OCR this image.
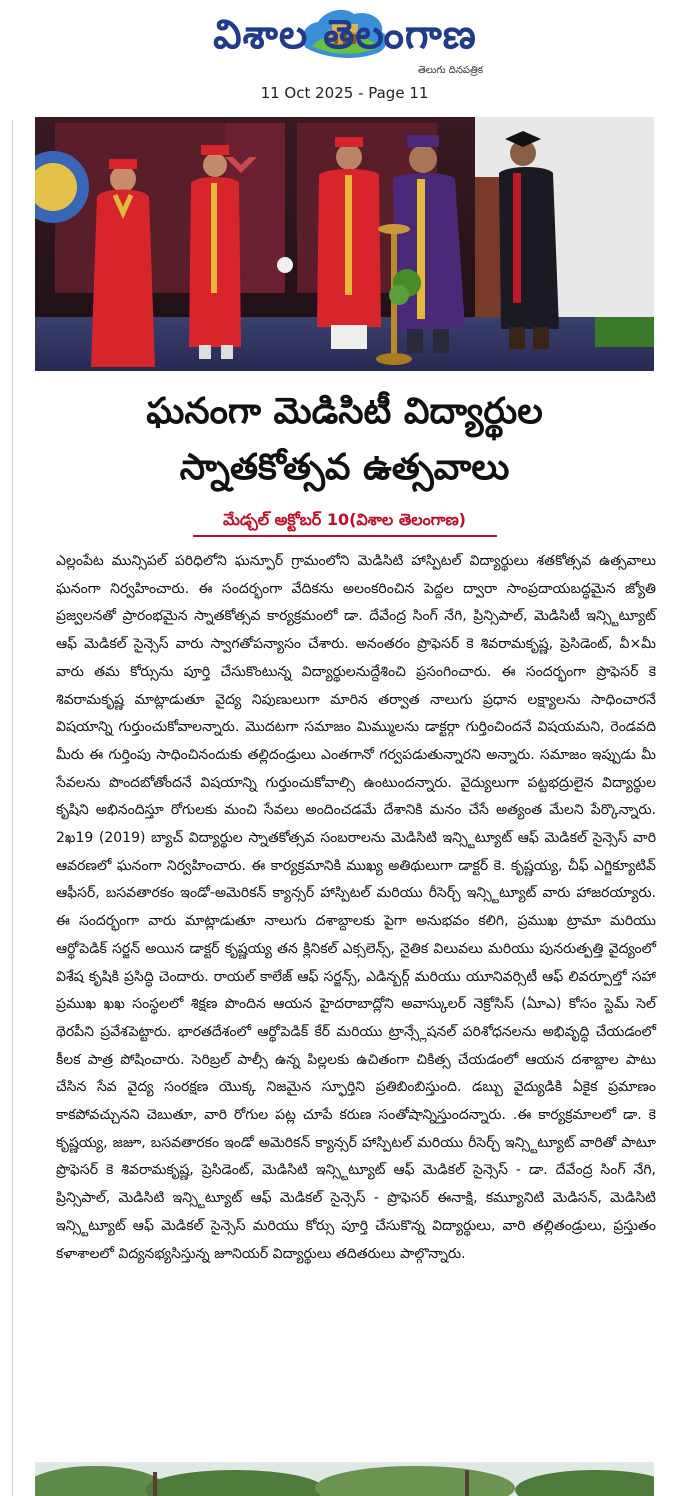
విశాల తెలంగాణ
తెలుగు దినపత్రిక
11 Oct 2025 - Page 11
ఘనంగా మెడిసిటీ విద్యార్థుల
స్నాతకోత్సవ ఉత్సవాలు
మేడ్చల్ అక్టోబర్ 10(విశాల తెలంగాణ)
ఎల్లంపేట మున్సిపల్ పరిధిలోని ఘన్పూర్ గ్రామంలోని మెడిసిటి హాస్పిటల్ విద్యార్థులు శతకోత్సవ ఉత్సవాలు ఘనంగా నిర్వహించారు. ఈ సందర్భంగా వేదికను అలంకరించిన పెద్దల ద్వారా సాంప్రదాయబద్ధమైన జ్యోతి ప్రజ్వలనతో ప్రారంభమైన స్నాతకోత్సవ కార్యక్రమంలో డా. దేవేంద్ర సింగ్ నేగి, ప్రిన్సిపాల్, మెడిసిటీ ఇన్స్టిట్యూట్ ఆఫ్ మెడికల్ సైన్సెస్ వారు స్వాగతోపన్యాసం చేశారు. అనంతరం ప్రొఫెసర్ కె శివరామకృష్ణ, ప్రెసిడెంట్, వీ×మీ వారు తమ కోర్సును పూర్తి చేసుకొంటున్న విద్యార్థులనుద్దేశించి ప్రసంగించారు. ఈ సందర్భంగా ప్రొఫెసర్ కె శివరామకృష్ణ మాట్లాడుతూ వైద్య నిపుణులుగా మారిన తర్వాత నాలుగు ప్రధాన లక్ష్యాలను సాధించారనే విషయాన్ని గుర్తుంచుకోవాలన్నారు. మొదటగా సమాజం మిమ్ములను డాక్టర్గా గుర్తించిందనే విషయమని, రెండవది మీరు ఈ గుర్తింపు సాధించినందుకు తల్లిదండ్రులు ఎంతగానో గర్వపడుతున్నారని అన్నారు. సమాజం ఇప్పుడు మీ సేవలను పొందబోతోందనే విషయాన్ని గుర్తుంచుకోవాల్సి ఉంటుందన్నారు. వైద్యులుగా పట్టభద్రులైన విద్యార్థుల కృషిని అభినందిస్తూ రోగులకు మంచి సేవలు అందించడమే దేశానికి మనం చేసే అత్యంత మేలని పేర్కొన్నారు. 2ఖ19 (2019) బ్యాచ్ విద్యార్థుల స్నాతకోత్సవ సంబరాలను మెడిసిటి ఇన్స్టిట్యూట్ ఆఫ్ మెడికల్ సైన్సెస్ వారి ఆవరణలో ఘనంగా నిర్వహించారు. ఈ కార్యక్రమానికి ముఖ్య అతిథులుగా డాక్టర్ కె. కృష్ణయ్య, చీఫ్ ఎగ్జిక్యూటివ్ ఆఫీసర్, బసవతారకం ఇండో-అమెరికన్ క్యాన్సర్ హాస్పిటల్ మరియు రీసెర్చ్ ఇన్స్టిట్యూట్ వారు హాజరయ్యారు. ఈ సందర్భంగా వారు మాట్లాడుతూ నాలుగు దశాబ్దాలకు పైగా అనుభవం కలిగి, ప్రముఖ ట్రామా మరియు ఆర్థోపెడిక్ సర్జన్ అయిన డాక్టర్ కృష్ణయ్య తన క్లినికల్ ఎక్సలెన్స్, నైతిక విలువలు మరియు పునరుత్పత్తి వైద్యంలో విశేష కృషికి ప్రసిద్ధి చెందారు. రాయల్ కాలేజ్ ఆఫ్ సర్జన్స్, ఎడిన్బర్గ్ మరియు యూనివర్సిటీ ఆఫ్ లివర్పూల్తో సహా ప్రముఖ ఖఖ సంస్థలలో శిక్షణ పొందిన ఆయన హైదరాబాద్లోని అవాస్కులర్ నెక్రోసిస్ (ఏూఎ) కోసం స్టెమ్ సెల్ థెరపీని ప్రవేశపెట్టారు. భారతదేశంలో ఆర్థోపెడిక్ కేర్ మరియు ట్రాన్స్లేషనల్ పరిశోధనలను అభివృద్ధి చేయడంలో కీలక పాత్ర పోషించారు. సెరిబ్రల్ పాల్సీ ఉన్న పిల్లలకు ఉచితంగా చికిత్స చేయడంలో ఆయన దశాబ్దాల పాటు చేసిన సేవ వైద్య సంరక్షణ యొక్క నిజమైన స్ఫూర్తిని ప్రతిబింబిస్తుంది. డబ్బు వైద్యుడికి ఏకైక ప్రమాణం కాకపోవచ్చునని చెబుతూ, వారి రోగుల పట్ల చూపే కరుణ సంతోషాన్నిస్తుందన్నారు. .ఈ కార్యక్రమాలలో డా. కె కృష్ణయ్య, జజూ, బసవతారకం ఇండో అమెరికన్ క్యాన్సర్ హాస్పిటల్ మరియు రీసెర్చ్ ఇన్స్టిట్యూట్ వారితో పాటూ ప్రొఫెసర్ కె శివరామకృష్ణ, ప్రెసిడెంట్, మెడిసిటి ఇన్స్టిట్యూట్ ఆఫ్ మెడికల్ సైన్సెస్ - డా. దేవేంద్ర సింగ్ నేగి, ప్రిన్సిపాల్, మెడిసిటి ఇన్స్టిట్యూట్ ఆఫ్ మెడికల్ సైన్సెస్ - ప్రొఫెసర్ ఈనాక్షి, కమ్యూనిటి మెడిసన్, మెడిసిటి ఇన్స్టిట్యూట్ ఆఫ్ మెడికల్ సైన్సెస్ మరియు కోర్సు పూర్తి చేసుకొన్న విద్యార్థులు, వారి తల్లితండ్రులు, ప్రస్తుతం కళాశాలలో విద్యనభ్యసిస్తున్న జూనియర్ విద్యార్థులు తదితరులు పాల్గొన్నారు.
